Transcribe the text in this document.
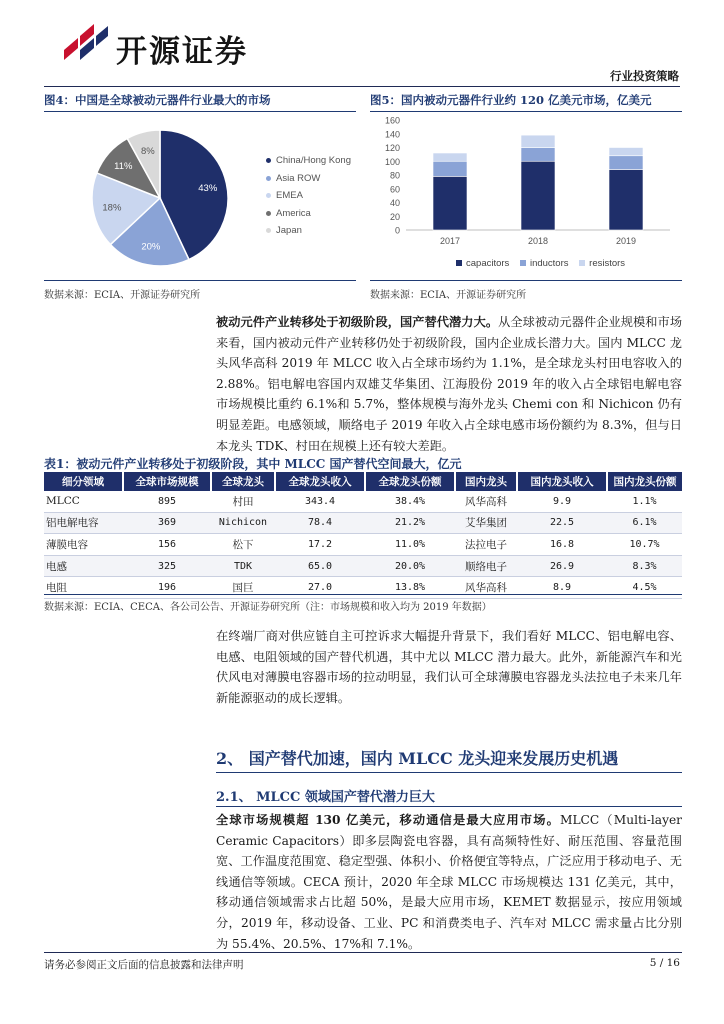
开源证券
行业投资策略
图4：中国是全球被动元器件行业最大的市场
43%
20%
18%
11%
8%
China/Hong Kong
Asia ROW
EMEA
America
Japan
数据来源：ECIA、开源证券研究所
图5：国内被动元器件行业约 120 亿美元市场，亿美元
160
140
120
100
80
60
40
20
0
2017	2018	2019
capacitors inductors resistors
数据来源：ECIA、开源证券研究所
被动元件产业转移处于初级阶段，国产替代潜力大。从全球被动元器件企业规模和市场来看，国内被动元件产业转移仍处于初级阶段，国内企业成长潜力大。国内 MLCC 龙头风华高科 2019 年 MLCC 收入占全球市场约为 1.1%，是全球龙头村田电容收入的 2.88%。铝电解电容国内双雄艾华集团、江海股份 2019 年的收入占全球铝电解电容市场规模比重约 6.1%和 5.7%，整体规模与海外龙头 Chemi con 和 Nichicon 仍有明显差距。电感领域，顺络电子 2019 年收入占全球电感市场份额约为 8.3%，但与日本龙头 TDK、村田在规模上还有较大差距。
表1：被动元件产业转移处于初级阶段，其中 MLCC 国产替代空间最大，亿元
细分领域	全球市场规模	全球龙头	全球龙头收入	全球龙头份额	国内龙头	国内龙头收入	国内龙头份额
MLCC	895	村田	343.4	38.4%	风华高科	9.9	1.1%
铝电解电容	369	Nichicon	78.4	21.2%	艾华集团	22.5	6.1%
薄膜电容	156	松下	17.2	11.0%	法拉电子	16.8	10.7%
电感	325	TDK	65.0	20.0%	顺络电子	26.9	8.3%
电阻	196	国巨	27.0	13.8%	风华高科	8.9	4.5%
数据来源：ECIA、CECA、各公司公告、开源证券研究所（注：市场规模和收入均为 2019 年数据）
在终端厂商对供应链自主可控诉求大幅提升背景下，我们看好 MLCC、铝电解电容、电感、电阻领域的国产替代机遇，其中尤以 MLCC 潜力最大。此外，新能源汽车和光伏风电对薄膜电容器市场的拉动明显，我们认可全球薄膜电容器龙头法拉电子未来几年新能源驱动的成长逻辑。
2、 国产替代加速，国内 MLCC 龙头迎来发展历史机遇
2.1、 MLCC 领域国产替代潜力巨大
全球市场规模超 130 亿美元，移动通信是最大应用市场。MLCC（Multi-layer Ceramic Capacitors）即多层陶瓷电容器，具有高频特性好、耐压范围、容量范围宽、工作温度范围宽、稳定型强、体积小、价格便宜等特点，广泛应用于移动电子、无线通信等领域。CECA 预计，2020 年全球 MLCC 市场规模达 131 亿美元，其中，移动通信领域需求占比超 50%，是最大应用市场，KEMET 数据显示，按应用领域分，2019 年，移动设备、工业、PC 和消费类电子、汽车对 MLCC 需求量占比分别为 55.4%、20.5%、17%和 7.1%。
请务必参阅正文后面的信息披露和法律声明	5 / 16
